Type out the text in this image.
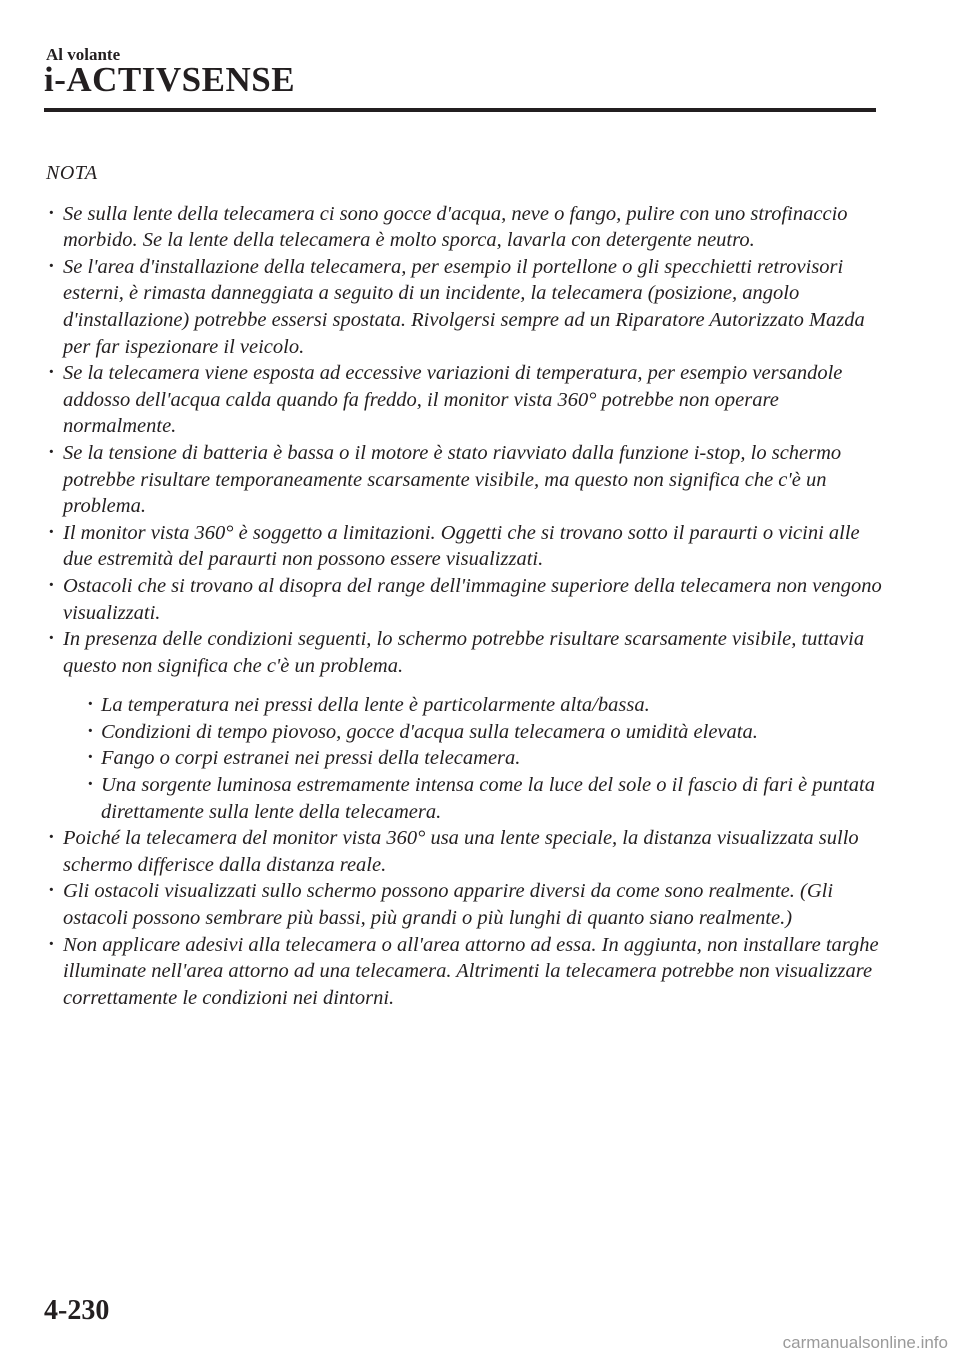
Al volante
i-ACTIVSENSE
NOTA
· Se sulla lente della telecamera ci sono gocce d'acqua, neve o fango, pulire con uno strofinaccio morbido. Se la lente della telecamera è molto sporca, lavarla con detergente neutro.
· Se l'area d'installazione della telecamera, per esempio il portellone o gli specchietti retrovisori esterni, è rimasta danneggiata a seguito di un incidente, la telecamera (posizione, angolo d'installazione) potrebbe essersi spostata. Rivolgersi sempre ad un Riparatore Autorizzato Mazda per far ispezionare il veicolo.
· Se la telecamera viene esposta ad eccessive variazioni di temperatura, per esempio versandole addosso dell'acqua calda quando fa freddo, il monitor vista 360° potrebbe non operare normalmente.
· Se la tensione di batteria è bassa o il motore è stato riavviato dalla funzione i-stop, lo schermo potrebbe risultare temporaneamente scarsamente visibile, ma questo non significa che c'è un problema.
· Il monitor vista 360° è soggetto a limitazioni. Oggetti che si trovano sotto il paraurti o vicini alle due estremità del paraurti non possono essere visualizzati.
· Ostacoli che si trovano al disopra del range dell'immagine superiore della telecamera non vengono visualizzati.
· In presenza delle condizioni seguenti, lo schermo potrebbe risultare scarsamente visibile, tuttavia questo non significa che c'è un problema.
· La temperatura nei pressi della lente è particolarmente alta/bassa.
· Condizioni di tempo piovoso, gocce d'acqua sulla telecamera o umidità elevata.
· Fango o corpi estranei nei pressi della telecamera.
· Una sorgente luminosa estremamente intensa come la luce del sole o il fascio di fari è puntata direttamente sulla lente della telecamera.
· Poiché la telecamera del monitor vista 360° usa una lente speciale, la distanza visualizzata sullo schermo differisce dalla distanza reale.
· Gli ostacoli visualizzati sullo schermo possono apparire diversi da come sono realmente. (Gli ostacoli possono sembrare più bassi, più grandi o più lunghi di quanto siano realmente.)
· Non applicare adesivi alla telecamera o all'area attorno ad essa. In aggiunta, non installare targhe illuminate nell'area attorno ad una telecamera. Altrimenti la telecamera potrebbe non visualizzare correttamente le condizioni nei dintorni.
4-230
carmanualsonline.info
